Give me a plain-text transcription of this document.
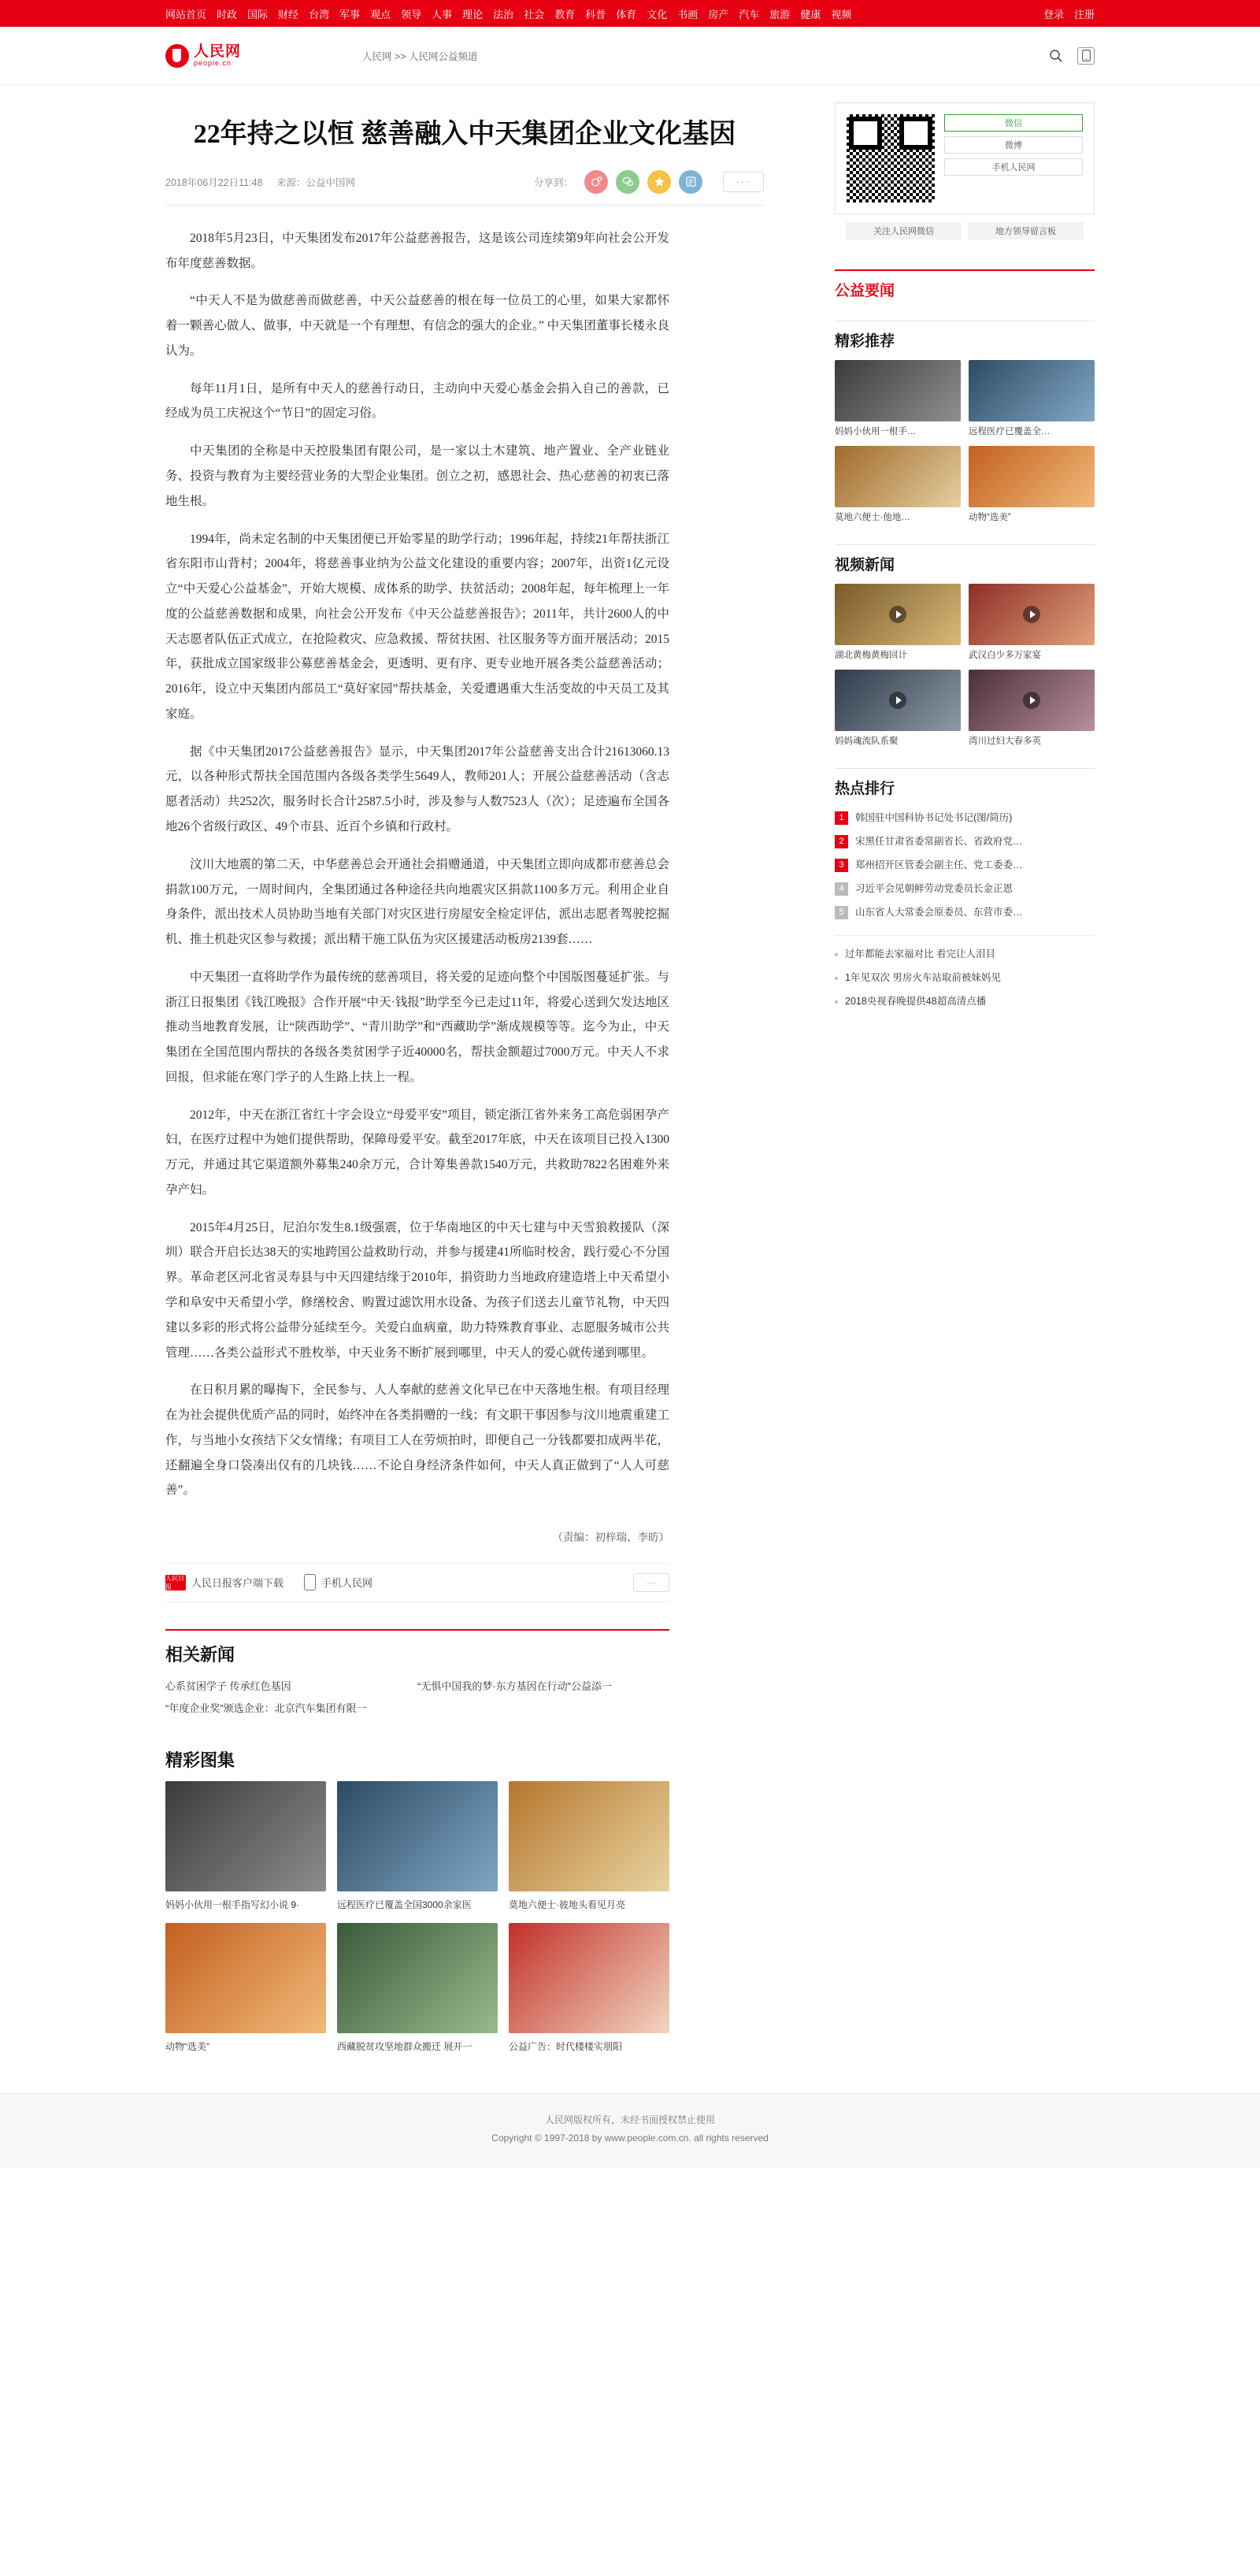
网站首页 时政 国际 财经 台湾 军事 观点 领导 人事 理论 法治 社会 教育 科普 体育 文化 书画 房产 汽车 旅游 健康 视频	登录 注册
人民网
people.cn
人民网 >> 人民网公益频道
22年持之以恒 慈善融入中天集团企业文化基因
2018年06月22日11:48 来源：公益中国网	分享到：	···

2018年5月23日，中天集团发布2017年公益慈善报告，这是该公司连续第9年向社会公开发布年度慈善数据。

“中天人不是为做慈善而做慈善，中天公益慈善的根在每一位员工的心里，如果大家都怀着一颗善心做人、做事，中天就是一个有理想、有信念的强大的企业。” 中天集团董事长楼永良认为。

每年11月1日，是所有中天人的慈善行动日，主动向中天爱心基金会捐入自己的善款，已经成为员工庆祝这个“节日”的固定习俗。

中天集团的全称是中天控股集团有限公司，是一家以土木建筑、地产置业、全产业链业务、投资与教育为主要经营业务的大型企业集团。创立之初，感恩社会、热心慈善的初衷已落地生根。

1994年，尚未定名制的中天集团便已开始零星的助学行动；1996年起，持续21年帮扶浙江省东阳市山背村；2004年，将慈善事业纳为公益文化建设的重要内容；2007年，出资1亿元设立“中天爱心公益基金”，开始大规模、成体系的助学、扶贫活动；2008年起，每年梳理上一年度的公益慈善数据和成果，向社会公开发布《中天公益慈善报告》；2011年，共计2600人的中天志愿者队伍正式成立，在抢险救灾、应急救援、帮贫扶困、社区服务等方面开展活动；2015年，获批成立国家级非公募慈善基金会，更透明、更有序、更专业地开展各类公益慈善活动；2016年，设立中天集团内部员工“莫好家园”帮扶基金，关爱遭遇重大生活变故的中天员工及其家庭。

据《中天集团2017公益慈善报告》显示，中天集团2017年公益慈善支出合计21613060.13元，以各种形式帮扶全国范围内各级各类学生5649人，教师201人；开展公益慈善活动（含志愿者活动）共252次，服务时长合计2587.5小时，涉及参与人数7523人（次）；足迹遍布全国各地26个省级行政区、49个市县、近百个乡镇和行政村。

汶川大地震的第二天，中华慈善总会开通社会捐赠通道，中天集团立即向成都市慈善总会捐款100万元，一周时间内，全集团通过各种途径共向地震灾区捐款1100多万元。利用企业自身条件，派出技术人员协助当地有关部门对灾区进行房屋安全检定评估，派出志愿者驾驶挖掘机、推土机赴灾区参与救援；派出精干施工队伍为灾区援建活动板房2139套……

中天集团一直将助学作为最传统的慈善项目，将关爱的足迹向整个中国版图蔓延扩张。与浙江日报集团《钱江晚报》合作开展“中天·钱报”助学至今已走过11年，将爱心送到欠发达地区推动当地教育发展，让“陕西助学”、“青川助学”和“西藏助学”渐成规模等等。迄今为止，中天集团在全国范围内帮扶的各级各类贫困学子近40000名，帮扶金额超过7000万元。中天人不求回报，但求能在寒门学子的人生路上扶上一程。

2012年，中天在浙江省红十字会设立“母爱平安”项目，锁定浙江省外来务工高危弱困孕产妇，在医疗过程中为她们提供帮助，保障母爱平安。截至2017年底，中天在该项目已投入1300万元，并通过其它渠道额外募集240余万元，合计筹集善款1540万元，共救助7822名困难外来孕产妇。

2015年4月25日，尼泊尔发生8.1级强震，位于华南地区的中天七建与中天雪狼救援队（深圳）联合开启长达38天的实地跨国公益救助行动，并参与援建41所临时校舍，践行爱心不分国界。革命老区河北省灵寿县与中天四建结缘于2010年，捐资助力当地政府建造塔上中天希望小学和阜安中天希望小学，修缮校舍、购置过滤饮用水设备、为孩子们送去儿童节礼物，中天四建以多彩的形式将公益带分延续至今。关爱白血病童，助力特殊教育事业、志愿服务城市公共管理……各类公益形式不胜枚举，中天业务不断扩展到哪里，中天人的爱心就传递到哪里。

在日积月累的曝掏下，全民参与、人人奉献的慈善文化早已在中天落地生根。有项目经理在为社会提供优质产品的同时，始终冲在各类捐赠的一线；有文职干事因参与汶川地震重建工作，与当地小女孩结下父女情缘；有项目工人在劳烦拍时，即便自己一分钱都要扣成两半花，还翻遍全身口袋凑出仅有的几块钱……不论自身经济条件如何，中天人真正做到了“人人可慈善”。

（责编：初梓瑞、李昉）

人民日报	人民日报客户端下载	手机人民网	···
相关新闻
心系贫困学子 传承红色基因	“无惧中国我的梦·东方基因在行动”公益添一
“年度企业奖”颁选企业：北京汽车集团有限一
精彩图集
妈妈小伙用一根手指写幻小说 9·	远程医疗已覆盖全国3000余家医	莫地六便士·彼地头看见月亮
动物“选美”	西藏脱贫攻坚地群众搬迁 展开一	公益广告：时代楼楼实朋阳
微信
微博
手机人民网
关注人民网微信	地方领导留言板
公益要闻
精彩推荐
妈妈小伙用一根手…	远程医疗已覆盖全…
莫地六便士·他地…	动物“选美”
视频新闻
湖北黄梅黄梅回计	武汉白少多万家宴
妈妈魂流队系聚	湾川过妇大春多英
热点排行
1	韩国驻中国科协书记处书记(图/简历)
2	宋黑任甘肃省委常副省长、省政府党…
3	郑州招开区管委会副主任、党工委委…
4	习近平会见朝鲜劳动党委员长金正恩
5	山东省人大常委会原委员、东营市委…
过年都能去家福对比 看完让人泪目
1年见双次 男房火车站取前被妹妈见
2018央视春晚提供48超高清点播
人民网版权所有，未经书面授权禁止使用
Copyright © 1997-2018 by www.people.com.cn. all rights reserved
